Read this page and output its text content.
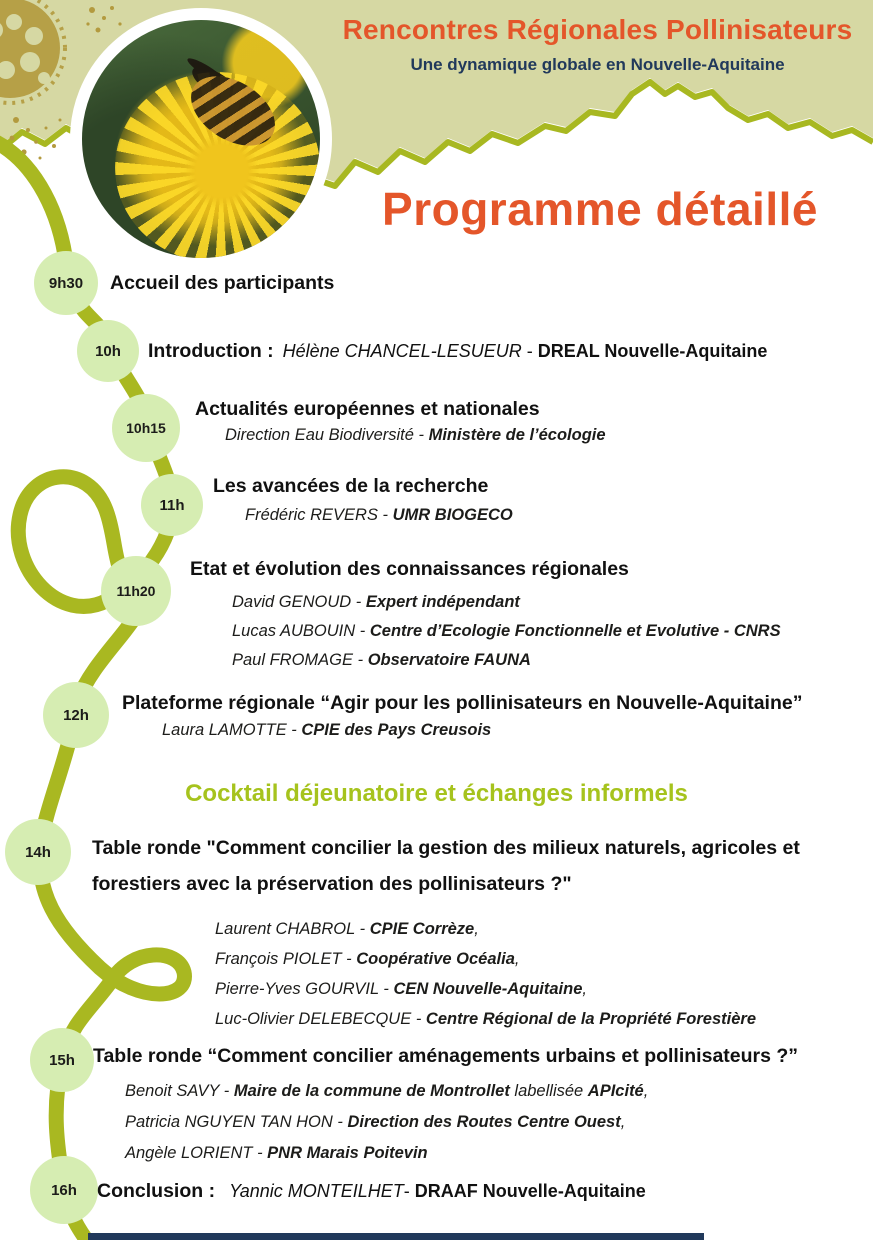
Rencontres Régionales Pollinisateurs
Une dynamique globale en Nouvelle-Aquitaine
Programme détaillé
9h30
10h
10h15
11h
11h20
12h
14h
15h
16h
Accueil des participants
Introduction : Hélène CHANCEL-LESUEUR - DREAL Nouvelle-Aquitaine
Actualités européennes et nationales
Direction Eau Biodiversité - Ministère de l’écologie
Les avancées de la recherche
Frédéric REVERS - UMR BIOGECO
Etat et évolution des connaissances régionales
David GENOUD - Expert indépendant
Lucas AUBOUIN - Centre d’Ecologie Fonctionnelle et Evolutive - CNRS
Paul FROMAGE - Observatoire FAUNA
Plateforme régionale “Agir pour les pollinisateurs en Nouvelle-Aquitaine”
Laura LAMOTTE - CPIE des Pays Creusois
Cocktail déjeunatoire et échanges informels
Table ronde "Comment concilier la gestion des milieux naturels, agricoles et forestiers avec la préservation des pollinisateurs ?"
Laurent CHABROL - CPIE Corrèze,
François PIOLET - Coopérative Océalia,
Pierre-Yves GOURVIL - CEN Nouvelle-Aquitaine,
Luc-Olivier DELEBECQUE - Centre Régional de la Propriété Forestière
Table ronde “Comment concilier aménagements urbains et pollinisateurs ?”
Benoit SAVY - Maire de la commune de Montrollet labellisée APIcité,
Patricia NGUYEN TAN HON - Direction des Routes Centre Ouest,
Angèle LORIENT - PNR Marais Poitevin
Conclusion : Yannic MONTEILHET- DRAAF Nouvelle-Aquitaine
